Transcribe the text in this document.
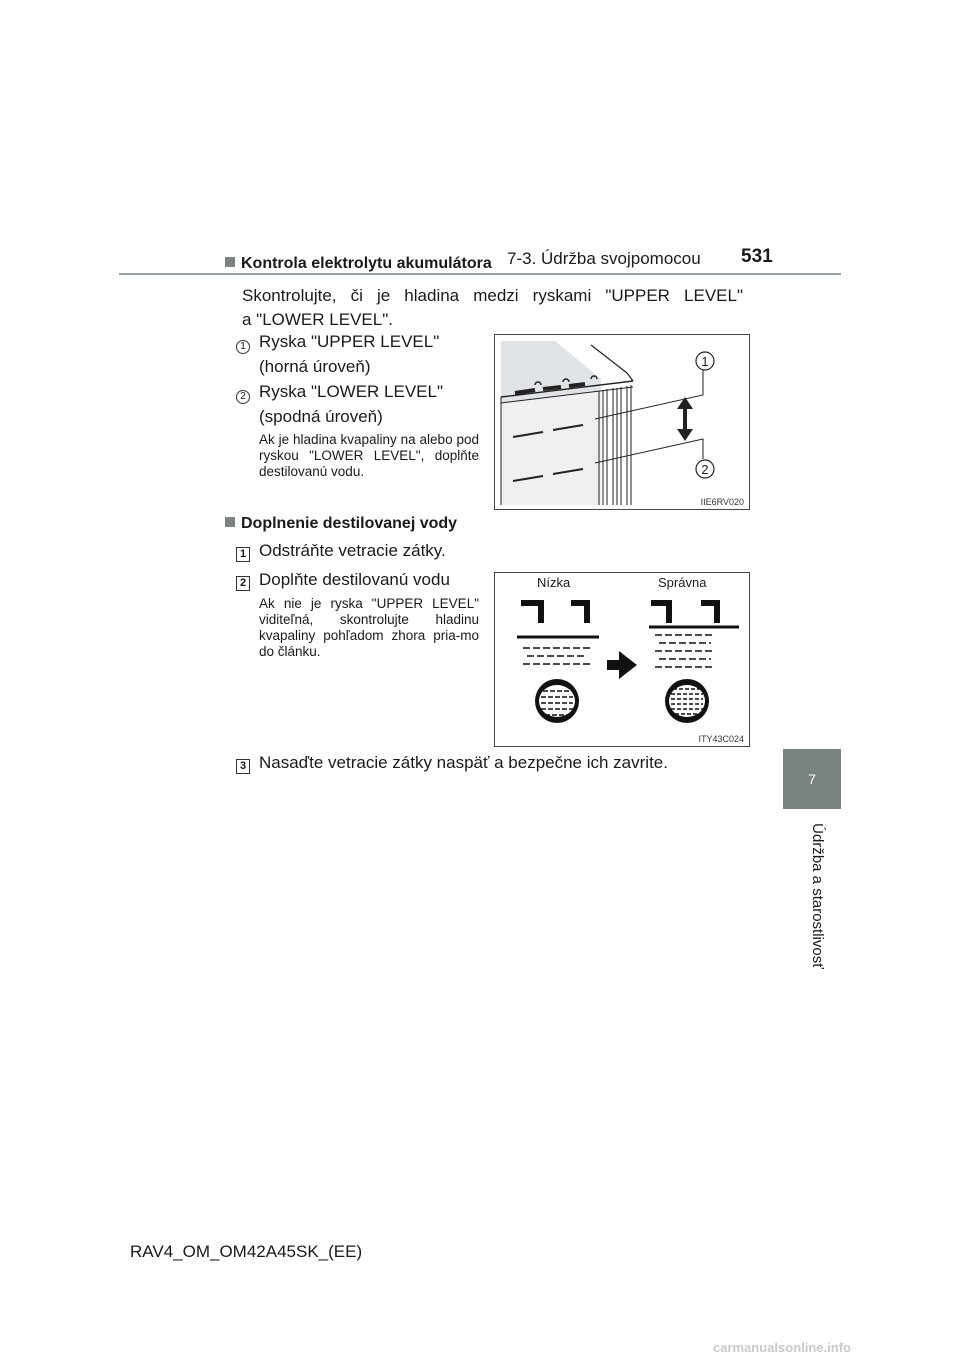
7-3. Údržba svojpomocou 531
7
Údržba a starostlivosť
Kontrola elektrolytu akumulátora
Skontrolujte, či je hladina medzi ryskami "UPPER LEVEL"
a "LOWER LEVEL".
1 Ryska "UPPER LEVEL"
(horná úroveň)
2 Ryska "LOWER LEVEL"
(spodná úroveň)
Ak je hladina kvapaliny na alebo pod ryskou "LOWER LEVEL", doplňte destilovanú vodu.
1
2
IIE6RV020
Doplnenie destilovanej vody
1 Odstráňte vetracie zátky.
2 Doplňte destilovanú vodu
Ak nie je ryska "UPPER LEVEL" viditeľná, skontrolujte hladinu kvapaliny pohľadom zhora pria-mo do článku.
Nízka	Správna
ITY43C024
3 Nasaďte vetracie zátky naspäť a bezpečne ich zavrite.
RAV4_OM_OM42A45SK_(EE)
carmanualsonline.info
